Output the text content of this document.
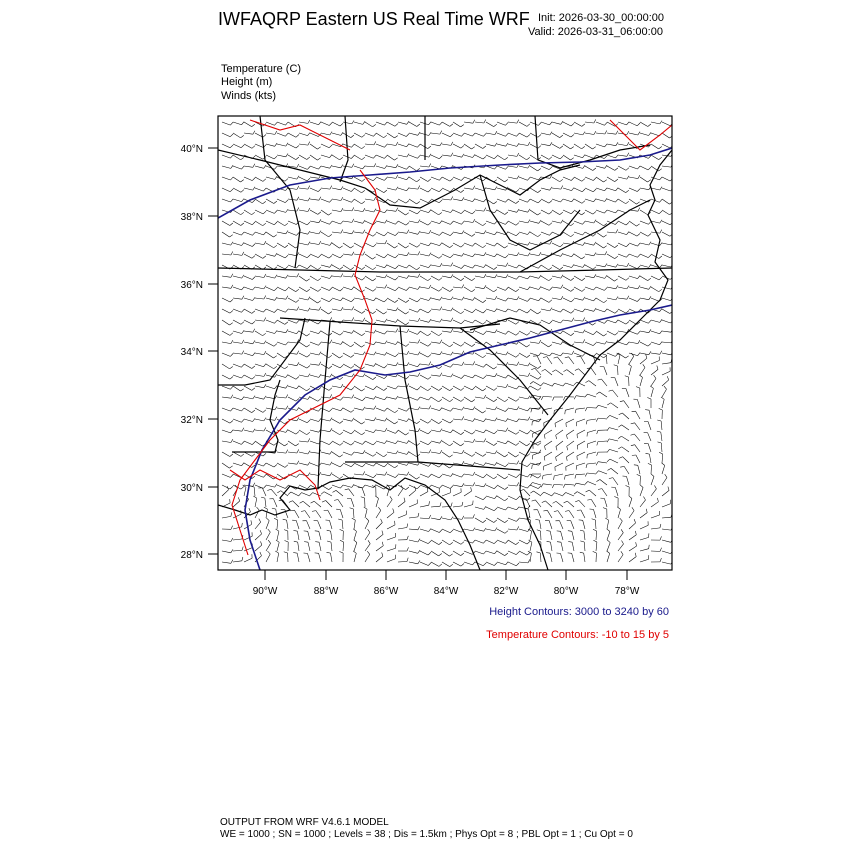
IWFAQRP Eastern US Real Time WRF Init: 2026-03-30_00:00:00
Valid: 2026-03-31_06:00:00
Temperature (C)
Height (m)
Winds (kts)
40°N
38°N
36°N
34°N
32°N
30°N
28°N
90°W	88°W	86°W	84°W	82°W	80°W	78°W
Height Contours: 3000 to 3240 by 60
Temperature Contours: -10 to 15 by 5
OUTPUT FROM WRF V4.6.1 MODEL
WE = 1000 ; SN = 1000 ; Levels = 38 ; Dis = 1.5km ; Phys Opt = 8 ; PBL Opt = 1 ; Cu Opt = 0
